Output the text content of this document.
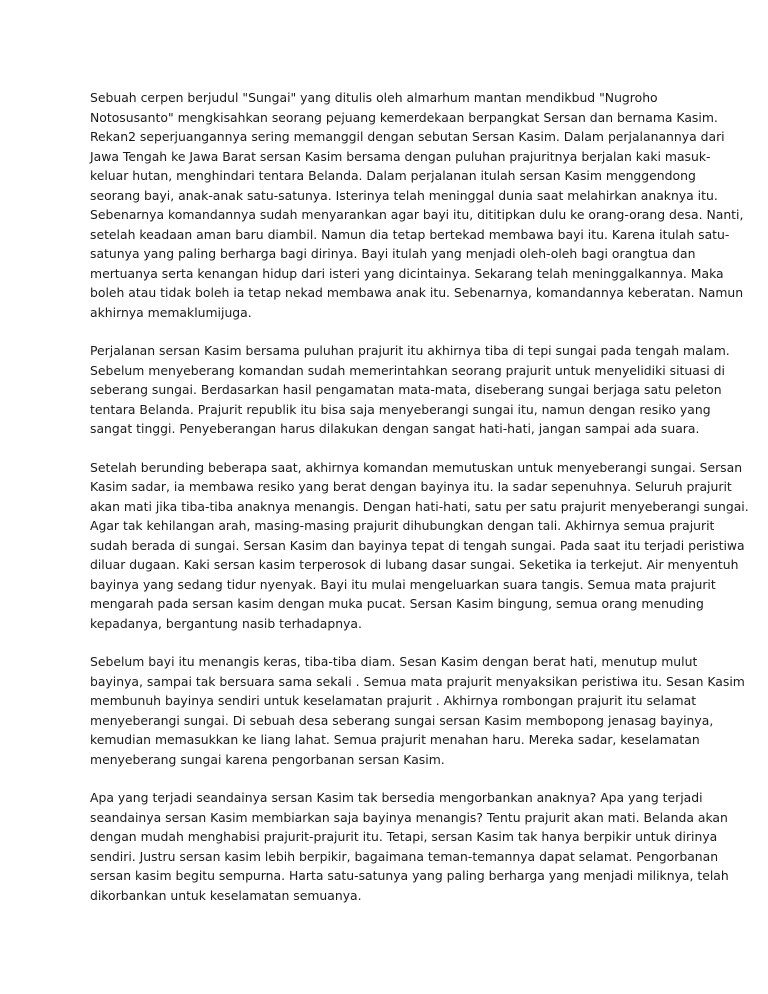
Sebuah cerpen berjudul "Sungai" yang ditulis oleh almarhum mantan mendikbud "Nugroho
Notosusanto" mengkisahkan seorang pejuang kemerdekaan berpangkat Sersan dan bernama Kasim.
Rekan2 seperjuangannya sering memanggil dengan sebutan Sersan Kasim. Dalam perjalanannya dari
Jawa Tengah ke Jawa Barat sersan Kasim bersama dengan puluhan prajuritnya berjalan kaki masuk-
keluar hutan, menghindari tentara Belanda. Dalam perjalanan itulah sersan Kasim menggendong
seorang bayi, anak-anak satu-satunya. Isterinya telah meninggal dunia saat melahirkan anaknya itu.
Sebenarnya komandannya sudah menyarankan agar bayi itu, dititipkan dulu ke orang-orang desa. Nanti,
setelah keadaan aman baru diambil. Namun dia tetap bertekad membawa bayi itu. Karena itulah satu-
satunya yang paling berharga bagi dirinya. Bayi itulah yang menjadi oleh-oleh bagi orangtua dan
mertuanya serta kenangan hidup dari isteri yang dicintainya. Sekarang telah meninggalkannya. Maka
boleh atau tidak boleh ia tetap nekad membawa anak itu. Sebenarnya, komandannya keberatan. Namun
akhirnya memaklumijuga.

Perjalanan sersan Kasim bersama puluhan prajurit itu akhirnya tiba di tepi sungai pada tengah malam.
Sebelum menyeberang komandan sudah memerintahkan seorang prajurit untuk menyelidiki situasi di
seberang sungai. Berdasarkan hasil pengamatan mata-mata, diseberang sungai berjaga satu peleton
tentara Belanda. Prajurit republik itu bisa saja menyeberangi sungai itu, namun dengan resiko yang
sangat tinggi. Penyeberangan harus dilakukan dengan sangat hati-hati, jangan sampai ada suara.

Setelah berunding beberapa saat, akhirnya komandan memutuskan untuk menyeberangi sungai. Sersan
Kasim sadar, ia membawa resiko yang berat dengan bayinya itu. Ia sadar sepenuhnya. Seluruh prajurit
akan mati jika tiba-tiba anaknya menangis. Dengan hati-hati, satu per satu prajurit menyeberangi sungai.
Agar tak kehilangan arah, masing-masing prajurit dihubungkan dengan tali. Akhirnya semua prajurit
sudah berada di sungai. Sersan Kasim dan bayinya tepat di tengah sungai. Pada saat itu terjadi peristiwa
diluar dugaan. Kaki sersan kasim terperosok di lubang dasar sungai. Seketika ia terkejut. Air menyentuh
bayinya yang sedang tidur nyenyak. Bayi itu mulai mengeluarkan suara tangis. Semua mata prajurit
mengarah pada sersan kasim dengan muka pucat. Sersan Kasim bingung, semua orang menuding
kepadanya, bergantung nasib terhadapnya.

Sebelum bayi itu menangis keras, tiba-tiba diam. Sesan Kasim dengan berat hati, menutup mulut
bayinya, sampai tak bersuara sama sekali . Semua mata prajurit menyaksikan peristiwa itu. Sesan Kasim
membunuh bayinya sendiri untuk keselamatan prajurit . Akhirnya rombongan prajurit itu selamat
menyeberangi sungai. Di sebuah desa seberang sungai sersan Kasim membopong jenasag bayinya,
kemudian memasukkan ke liang lahat. Semua prajurit menahan haru. Mereka sadar, keselamatan
menyeberang sungai karena pengorbanan sersan Kasim.

Apa yang terjadi seandainya sersan Kasim tak bersedia mengorbankan anaknya? Apa yang terjadi
seandainya sersan Kasim membiarkan saja bayinya menangis? Tentu prajurit akan mati. Belanda akan
dengan mudah menghabisi prajurit-prajurit itu. Tetapi, sersan Kasim tak hanya berpikir untuk dirinya
sendiri. Justru sersan kasim lebih berpikir, bagaimana teman-temannya dapat selamat. Pengorbanan
sersan kasim begitu sempurna. Harta satu-satunya yang paling berharga yang menjadi miliknya, telah
dikorbankan untuk keselamatan semuanya.
